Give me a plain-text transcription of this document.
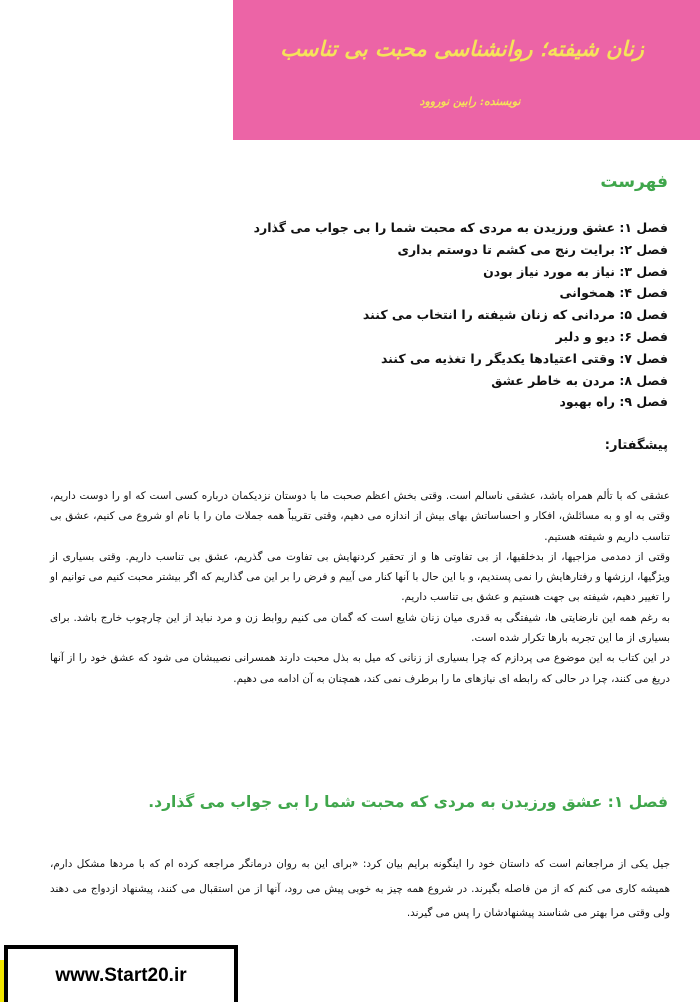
زنان شیفته؛ روانشناسی محبت بی تناسب
نویسنده: رابین نوروود
فهرست
فصل ۱: عشق ورزیدن به مردی که محبت شما را بی جواب می گذارد
فصل ۲: برایت رنج می کشم تا دوستم بداری
فصل ۳: نیاز به مورد نیاز بودن
فصل ۴: همخوانی
فصل ۵: مردانی که زنان شیفته را انتخاب می کنند
فصل ۶: دیو و دلبر
فصل ۷: وقتی اعتیادها یکدیگر را تغذیه می کنند
فصل ۸: مردن به خاطر عشق
فصل ۹: راه بهبود
پیشگفتار:
عشقی که با تألم همراه باشد، عشقی ناسالم است. وقتی بخش اعظم صحبت ما با دوستان نزدیکمان درباره کسی است که او را دوست داریم، وقتی به او و به مسائلش، افکار و احساساتش بهای بیش از اندازه می دهیم، وقتی تقریباً همه جملات مان را با نام او شروع می کنیم، عشق بی تناسب داریم و شیفته هستیم.
وقتی از دمدمی مزاجیها، از بدخلقیها، از بی تفاوتی ها و از تحقیر کردنهایش بی تفاوت می گذریم، عشق بی تناسب داریم. وقتی بسیاری از ویژگیها، ارزشها و رفتارهایش را نمی پسندیم، و با این حال با آنها کنار می آییم و فرض را بر این می گذاریم که اگر بیشتر محبت کنیم می توانیم او را تغییر دهیم، شیفته بی جهت هستیم و عشق بی تناسب داریم.
به رغم همه این نارضایتی ها، شیفتگی به قدری میان زنان شایع است که گمان می کنیم روابط زن و مرد نباید از این چارچوب خارج باشد. برای بسیاری از ما این تجربه بارها تکرار شده است.
در این کتاب به این موضوع می پردازم که چرا بسیاری از زنانی که میل به بذل محبت دارند همسرانی نصیبشان می شود که عشق خود را از آنها دریغ می کنند، چرا در حالی که رابطه ای نیازهای ما را برطرف نمی کند، همچنان به آن ادامه می دهیم.
فصل ۱: عشق ورزیدن به مردی که محبت شما را بی جواب می گذارد.

جیل یکی از مراجعانم است که داستان خود را اینگونه برایم بیان کرد: «برای این به روان درمانگر مراجعه کرده ام که با مردها مشکل دارم، همیشه کاری می کنم که از من فاصله بگیرند. در شروع همه چیز به خوبی پیش می رود، آنها از من استقبال می کنند، پیشنهاد ازدواج می دهند ولی وقتی مرا بهتر می شناسند پیشنهادشان را پس می گیرند.

www.Start20.ir
